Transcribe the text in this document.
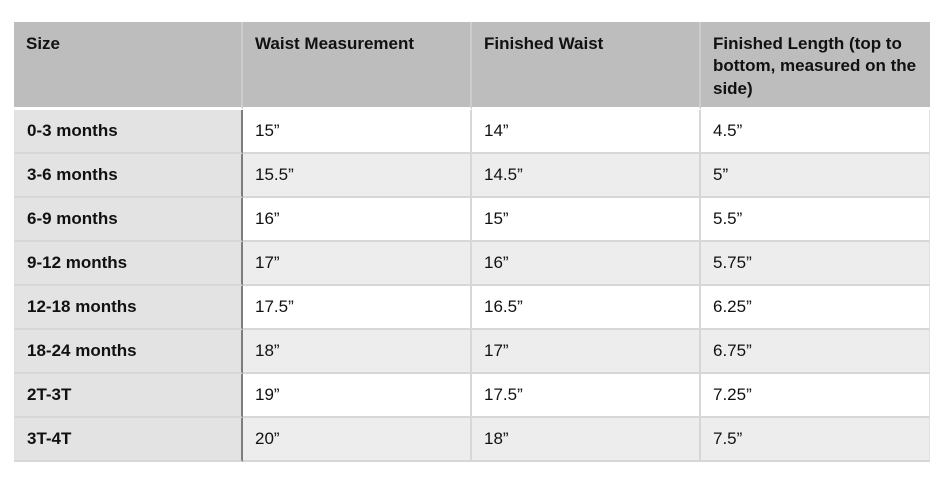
Size	Waist Measurement	Finished Waist	Finished Length (top to bottom, measured on the side)
0-3 months	15”	14”	4.5”
3-6 months	15.5”	14.5”	5”
6-9 months	16”	15”	5.5”
9-12 months	17”	16”	5.75”
12-18 months	17.5”	16.5”	6.25”
18-24 months	18”	17”	6.75”
2T-3T	19”	17.5”	7.25”
3T-4T	20”	18”	7.5”
